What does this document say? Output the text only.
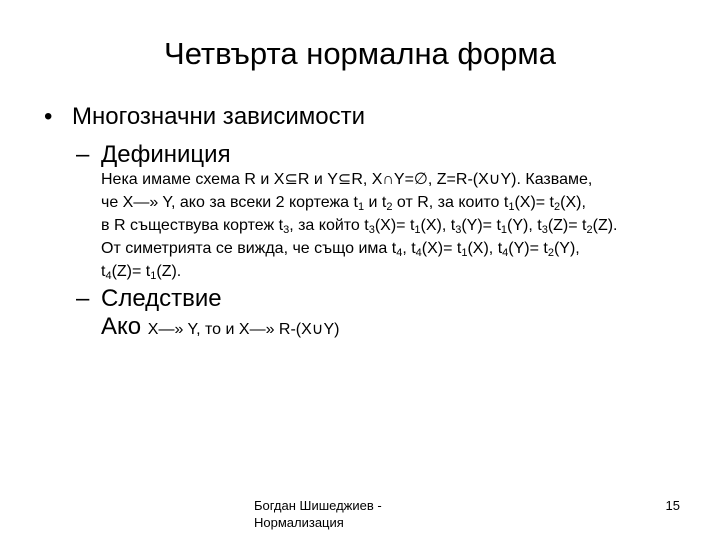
Четвърта нормална форма
• Многозначни зависимости
– Дефиниция
Нека имаме схема R и X⊆R и Y⊆R, X∩Y=∅, Z=R-(X∪Y). Казваме,
че X—» Y, ако за всеки 2 кортежа $t_1$ и $t_2$ от R, за които $t_1(X)= t_2(X)$,
в R съществува кортеж $t_3$, за който $t_3(X)= t_1(X)$, $t_3(Y)= t_1(Y)$, $t_3(Z)= t_2(Z)$.
От симетрията се вижда, че също има $t_4$, $t_4(X)= t_1(X)$, $t_4(Y)= t_2(Y)$,
$t_4(Z)= t_1(Z)$.
– Следствие
Ако X—» Y, то и X—» R-(X∪Y)
Богдан Шишеджиев -
Нормализация
15
